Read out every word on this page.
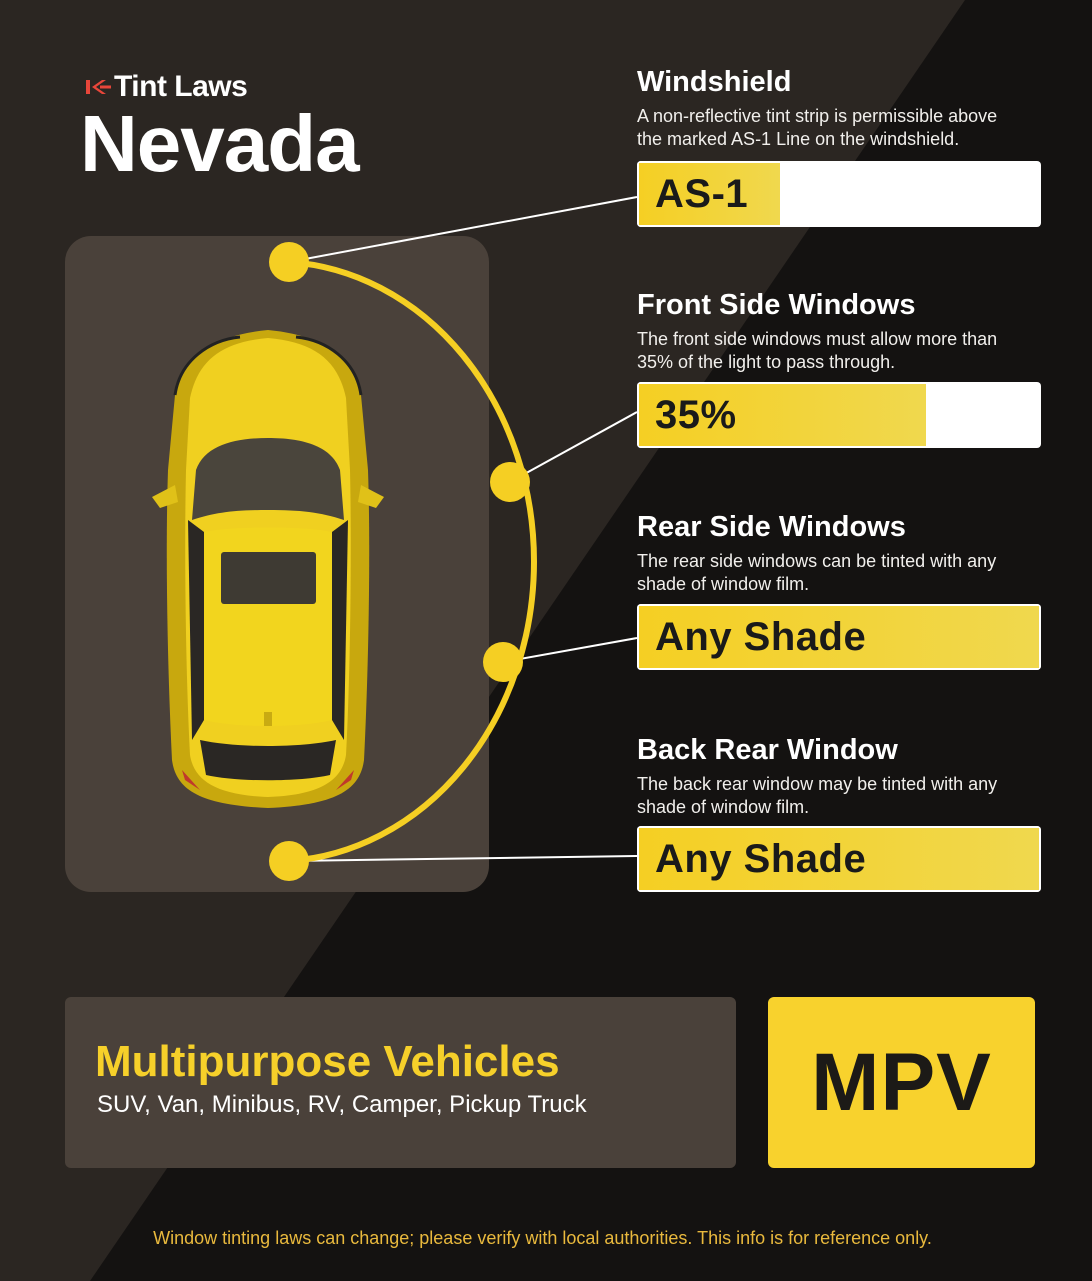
Tint Laws
Nevada
Windshield
A non-reflective tint strip is permissible above
the marked AS-1 Line on the windshield.
AS-1
Front Side Windows
The front side windows must allow more than
35% of the light to pass through.
35%
Rear Side Windows
The rear side windows can be tinted with any
shade of window film.
Any Shade
Back Rear Window
The back rear window may be tinted with any
shade of window film.
Any Shade
Multipurpose Vehicles
SUV, Van, Minibus, RV, Camper, Pickup Truck	MPV
Window tinting laws can change; please verify with local authorities. This info is for reference only.
